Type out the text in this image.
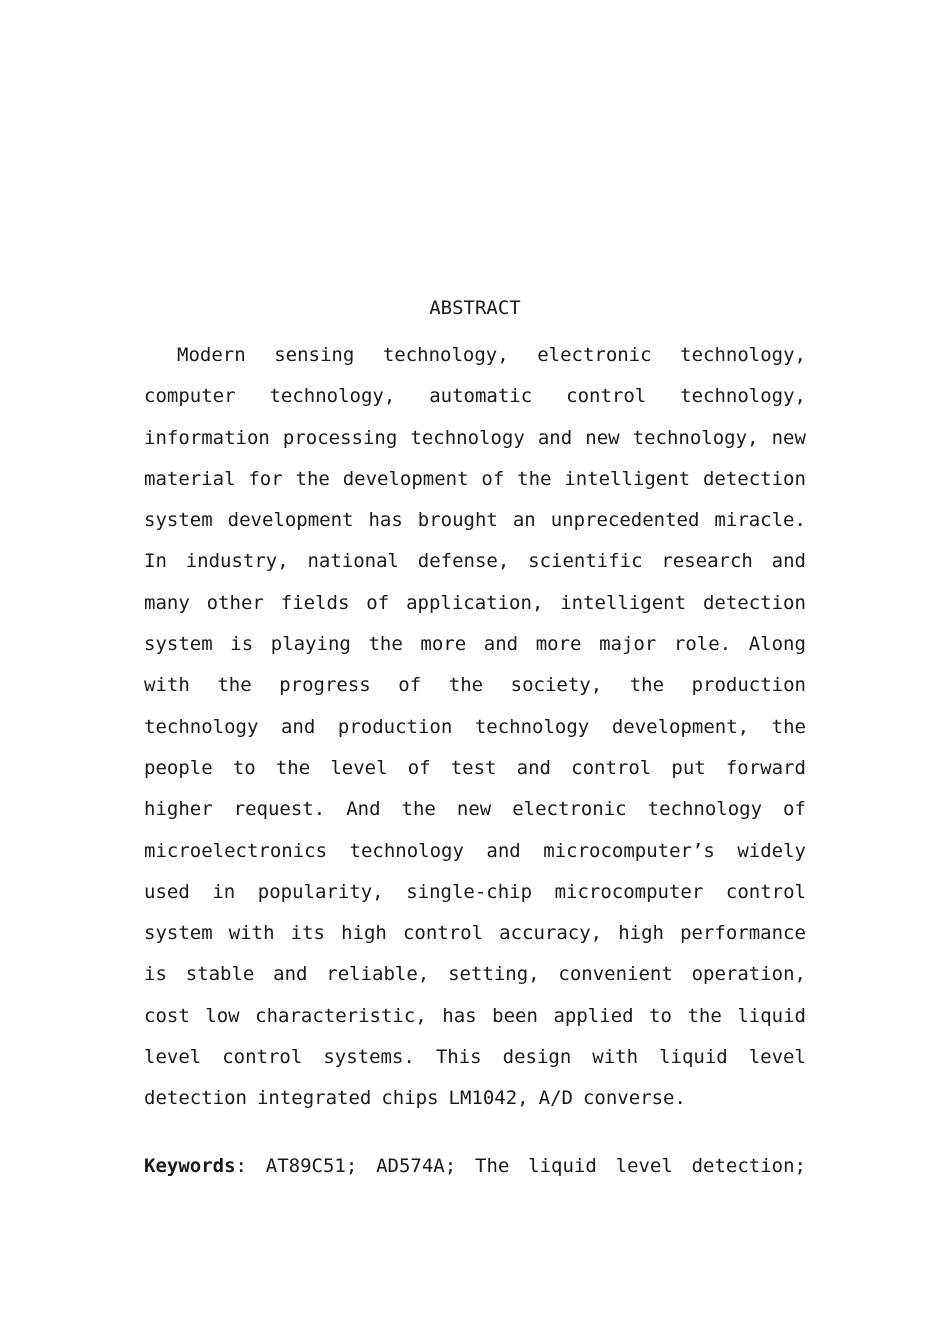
ABSTRACT
Modern sensing technology, electronic technology,
computer technology, automatic control technology,
information processing technology and new technology, new
material for the development of the intelligent detection
system development has brought an unprecedented miracle.
In industry, national defense, scientific research and
many other fields of application, intelligent detection
system is playing the more and more major role. Along
with the progress of the society, the production
technology and production technology development, the
people to the level of test and control put forward
higher request. And the new electronic technology of
microelectronics technology and microcomputer’s widely
used in popularity, single-chip microcomputer control
system with its high control accuracy, high performance
is stable and reliable, setting, convenient operation,
cost low characteristic, has been applied to the liquid
level control systems. This design with liquid level
detection integrated chips LM1042, A/D converse.
Keywords: AT89C51; AD574A; The liquid level detection;
